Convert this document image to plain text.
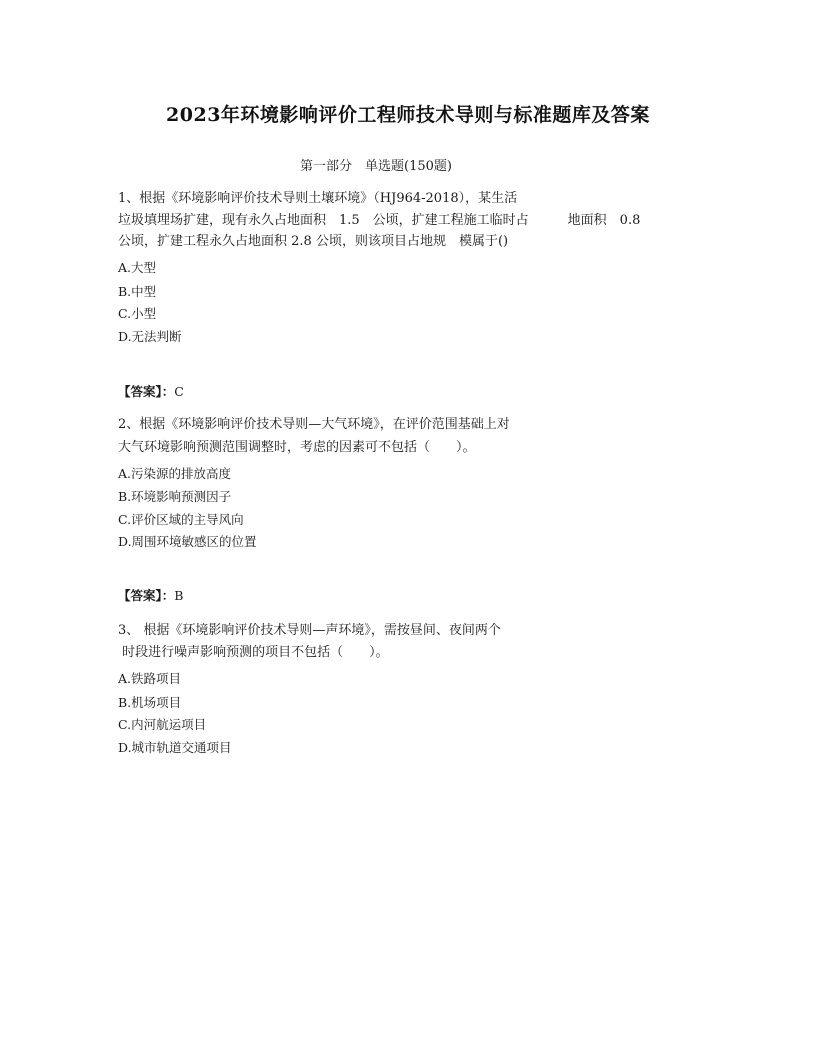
2023年环境影响评价工程师技术导则与标准题库及答案
第一部分　单选题(150题)
1、根据《环境影响评价技术导则土壤环境》（HJ964-2018），某生活
垃圾填埋场扩建，现有永久占地面积　1.5　公顷，扩建工程施工临时占　　　地面积　0.8
公顷，扩建工程永久占地面积 2.8 公顷，则该项目占地规　模属于()
A.大型
B.中型
C.小型
D.无法判断
【答案】：C
2、根据《环境影响评价技术导则—大气环境》，在评价范围基础上对
大气环境影响预测范围调整时，考虑的因素可不包括（　　）。
A.污染源的排放高度
B.环境影响预测因子
C.评价区域的主导风向
D.周围环境敏感区的位置
【答案】：B
3、 根据《环境影响评价技术导则—声环境》，需按昼间、夜间两个
时段进行噪声影响预测的项目不包括（　　）。
A.铁路项目
B.机场项目
C.内河航运项目
D.城市轨道交通项目
